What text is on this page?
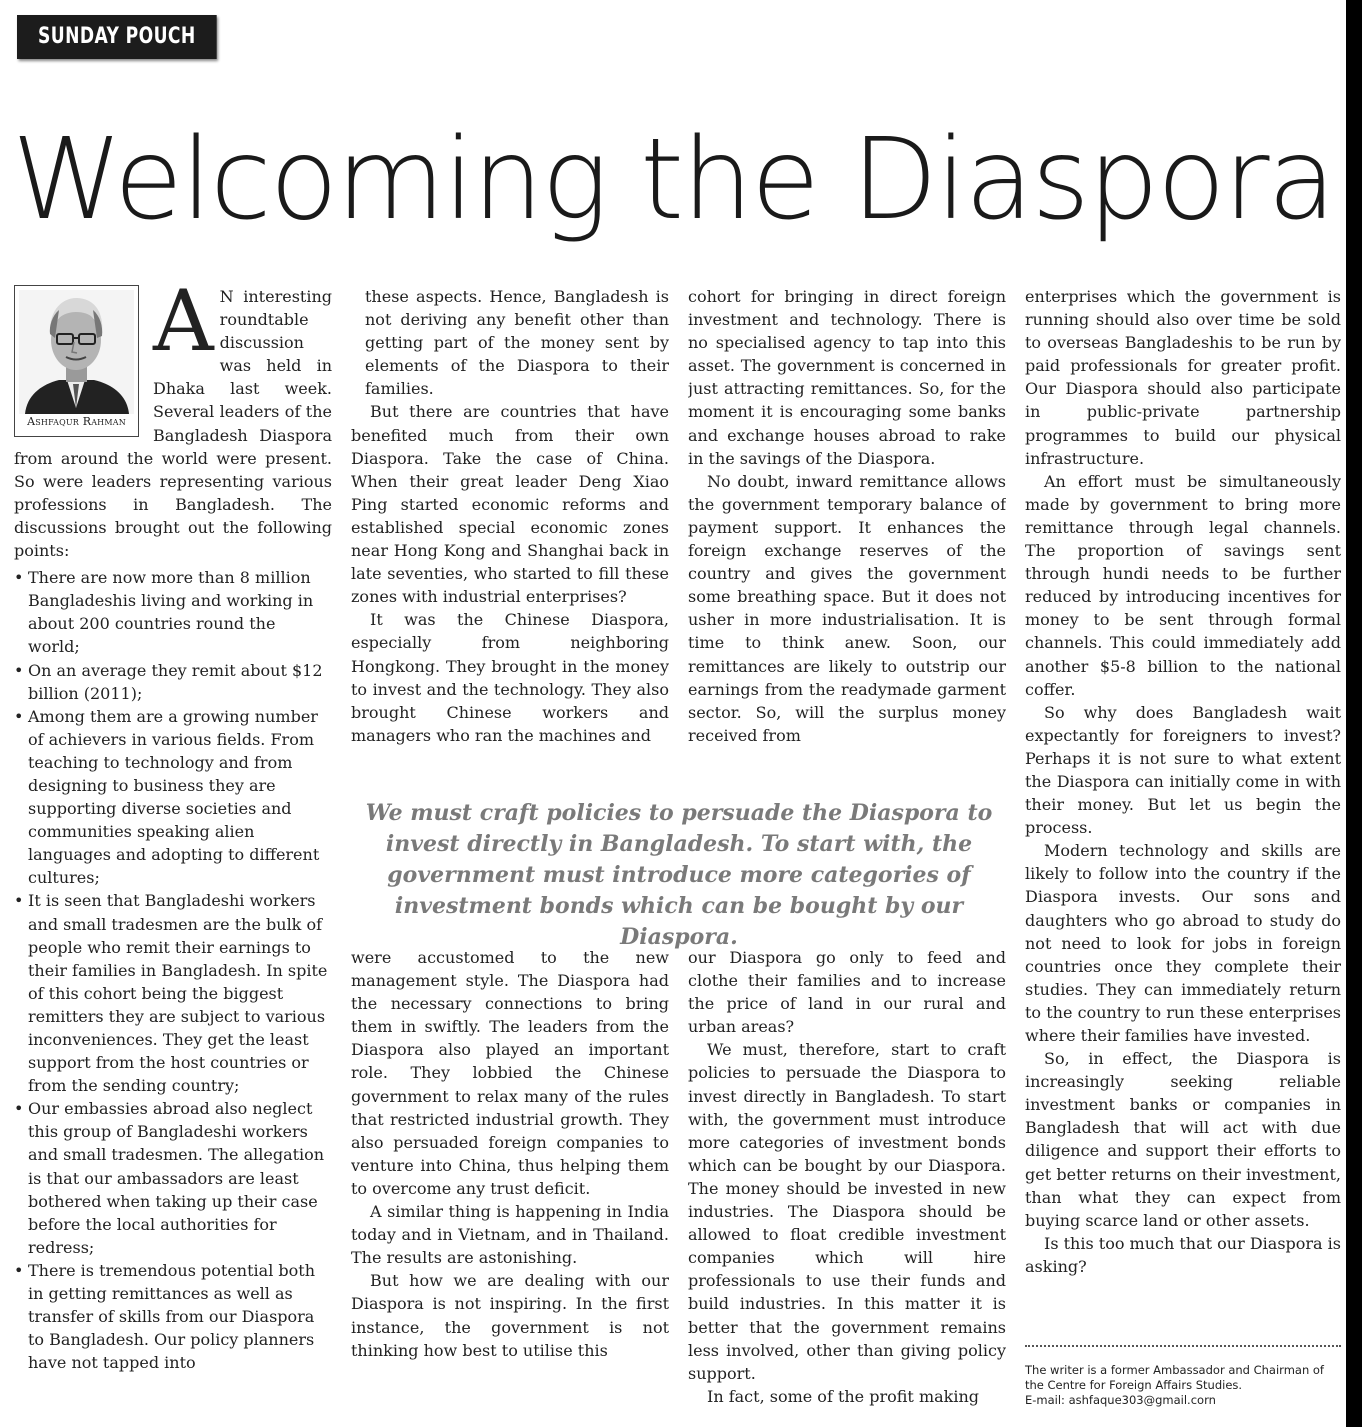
SUNDAY POUCH
Welcoming the Diaspora
Ashfaqur Rahman

A N interesting roundtable discussion was held in Dhaka last week. Several leaders of the Bangladesh Diaspora from around the world were present. So were leaders representing various professions in Bangladesh. The discussions brought out the following points:

• There are now more than 8 million Bangladeshis living and working in about 200 countries round the world;
• On an average they remit about $12 billion (2011);
• Among them are a growing number of achievers in various fields. From teaching to technology and from designing to business they are supporting diverse societies and communities speaking alien languages and adopting to different cultures;
• It is seen that Bangladeshi workers and small tradesmen are the bulk of people who remit their earnings to their families in Bangladesh. In spite of this cohort being the biggest remitters they are subject to various inconveniences. They get the least support from the host countries or from the sending country;
• Our embassies abroad also neglect this group of Bangladeshi workers and small tradesmen. The allegation is that our ambassadors are least bothered when taking up their case before the local authorities for redress;
• There is tremendous potential both in getting remittances as well as transfer of skills from our Diaspora to Bangladesh. Our policy planners have not tapped into

these aspects. Hence, Bangladesh is not deriving any benefit other than getting part of the money sent by elements of the Diaspora to their families.

But there are countries that have benefited much from their own Diaspora. Take the case of China. When their great leader Deng Xiao Ping started economic reforms and established special economic zones near Hong Kong and Shanghai back in late seventies, who started to fill these zones with industrial enterprises?

It was the Chinese Diaspora, especially from neighboring Hongkong. They brought in the money to invest and the technology. They also brought Chinese workers and managers who ran the machines and

cohort for bringing in direct foreign investment and technology. There is no specialised agency to tap into this asset. The government is concerned in just attracting remittances. So, for the moment it is encouraging some banks and exchange houses abroad to rake in the savings of the Diaspora.

No doubt, inward remittance allows the government temporary balance of payment support. It enhances the foreign exchange reserves of the country and gives the government some breathing space. But it does not usher in more industrialisation. It is time to think anew. Soon, our remittances are likely to outstrip our earnings from the readymade garment sector. So, will the surplus money received from

We must craft policies to persuade the Diaspora to invest directly in Bangladesh. To start with, the government must introduce more categories of investment bonds which can be bought by our Diaspora.

were accustomed to the new management style. The Diaspora had the necessary connections to bring them in swiftly. The leaders from the Diaspora also played an important role. They lobbied the Chinese government to relax many of the rules that restricted industrial growth. They also persuaded foreign companies to venture into China, thus helping them to overcome any trust deficit.

A similar thing is happening in India today and in Vietnam, and in Thailand. The results are astonishing.

But how we are dealing with our Diaspora is not inspiring. In the first instance, the government is not thinking how best to utilise this

our Diaspora go only to feed and clothe their families and to increase the price of land in our rural and urban areas?

We must, therefore, start to craft policies to persuade the Diaspora to invest directly in Bangladesh. To start with, the government must introduce more categories of investment bonds which can be bought by our Diaspora. The money should be invested in new industries. The Diaspora should be allowed to float credible investment companies which will hire professionals to use their funds and build industries. In this matter it is better that the government remains less involved, other than giving policy support.

In fact, some of the profit making

enterprises which the government is running should also over time be sold to overseas Bangladeshis to be run by paid professionals for greater profit. Our Diaspora should also participate in public-private partnership programmes to build our physical infrastructure.

An effort must be simultaneously made by government to bring more remittance through legal channels. The proportion of savings sent through hundi needs to be further reduced by introducing incentives for money to be sent through formal channels. This could immediately add another $5-8 billion to the national coffer.

So why does Bangladesh wait expectantly for foreigners to invest? Perhaps it is not sure to what extent the Diaspora can initially come in with their money. But let us begin the process.

Modern technology and skills are likely to follow into the country if the Diaspora invests. Our sons and daughters who go abroad to study do not need to look for jobs in foreign countries once they complete their studies. They can immediately return to the country to run these enterprises where their families have invested.

So, in effect, the Diaspora is increasingly seeking reliable investment banks or companies in Bangladesh that will act with due diligence and support their efforts to get better returns on their investment, than what they can expect from buying scarce land or other assets.

Is this too much that our Diaspora is asking?

The writer is a former Ambassador and Chairman of the Centre for Foreign Affairs Studies.
E-mail: ashfaque303@gmail.corn
